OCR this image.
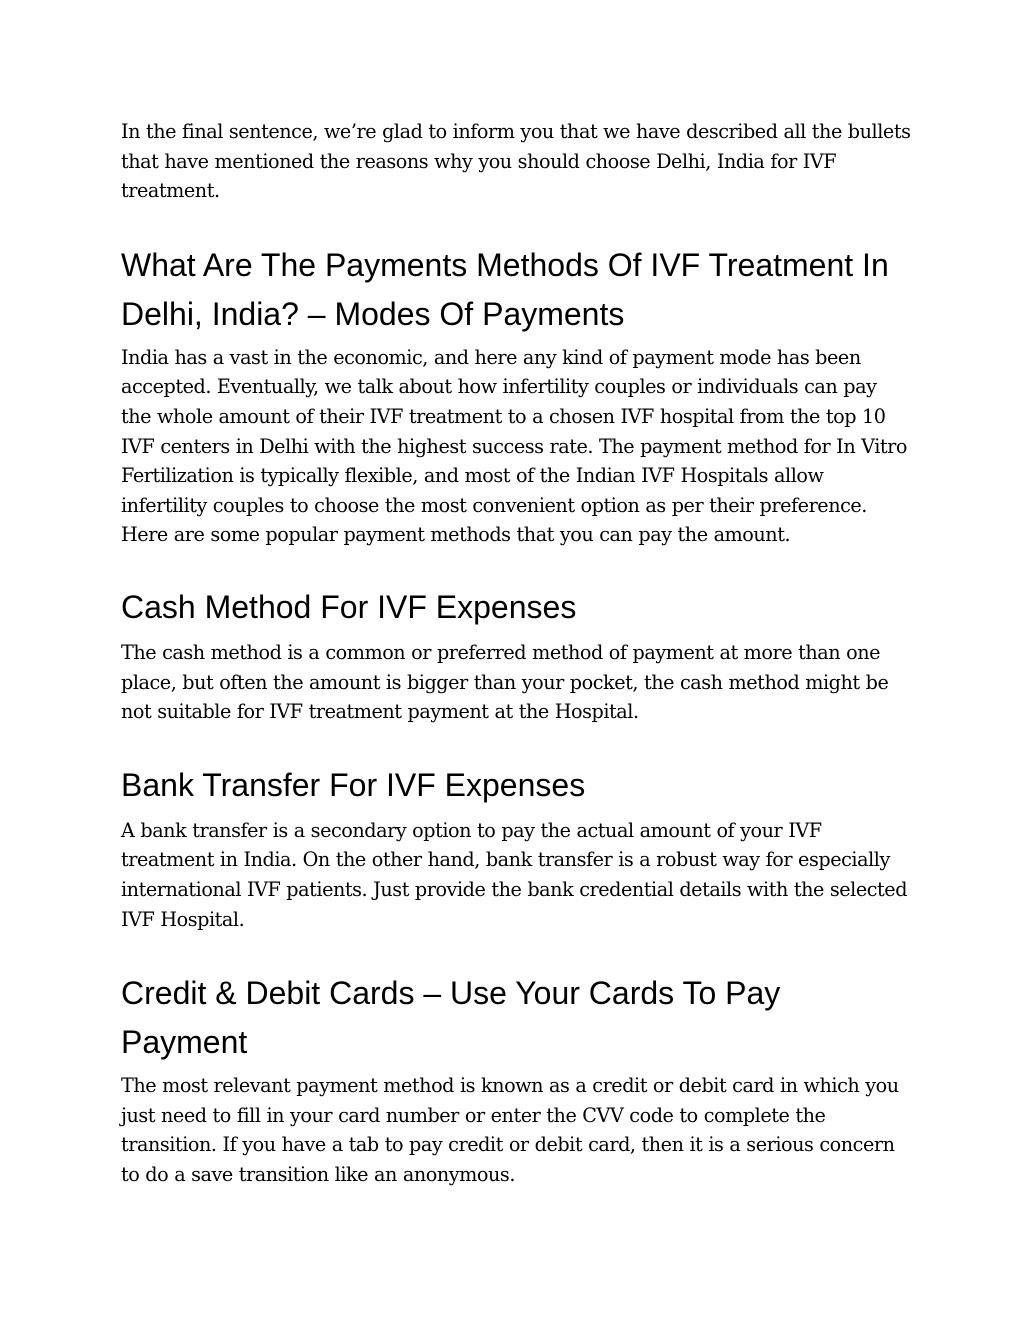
In the final sentence, we’re glad to inform you that we have described all the bullets that have mentioned the reasons why you should choose Delhi, India for IVF treatment.

What Are The Payments Methods Of IVF Treatment In Delhi, India? – Modes Of Payments

India has a vast in the economic, and here any kind of payment mode has been accepted. Eventually, we talk about how infertility couples or individuals can pay the whole amount of their IVF treatment to a chosen IVF hospital from the top 10 IVF centers in Delhi with the highest success rate. The payment method for In Vitro Fertilization is typically flexible, and most of the Indian IVF Hospitals allow infertility couples to choose the most convenient option as per their preference. Here are some popular payment methods that you can pay the amount.

Cash Method For IVF Expenses

The cash method is a common or preferred method of payment at more than one place, but often the amount is bigger than your pocket, the cash method might be not suitable for IVF treatment payment at the Hospital.

Bank Transfer For IVF Expenses

A bank transfer is a secondary option to pay the actual amount of your IVF treatment in India. On the other hand, bank transfer is a robust way for especially international IVF patients. Just provide the bank credential details with the selected IVF Hospital.

Credit & Debit Cards – Use Your Cards To Pay Payment

The most relevant payment method is known as a credit or debit card in which you just need to fill in your card number or enter the CVV code to complete the transition. If you have a tab to pay credit or debit card, then it is a serious concern to do a save transition like an anonymous.
